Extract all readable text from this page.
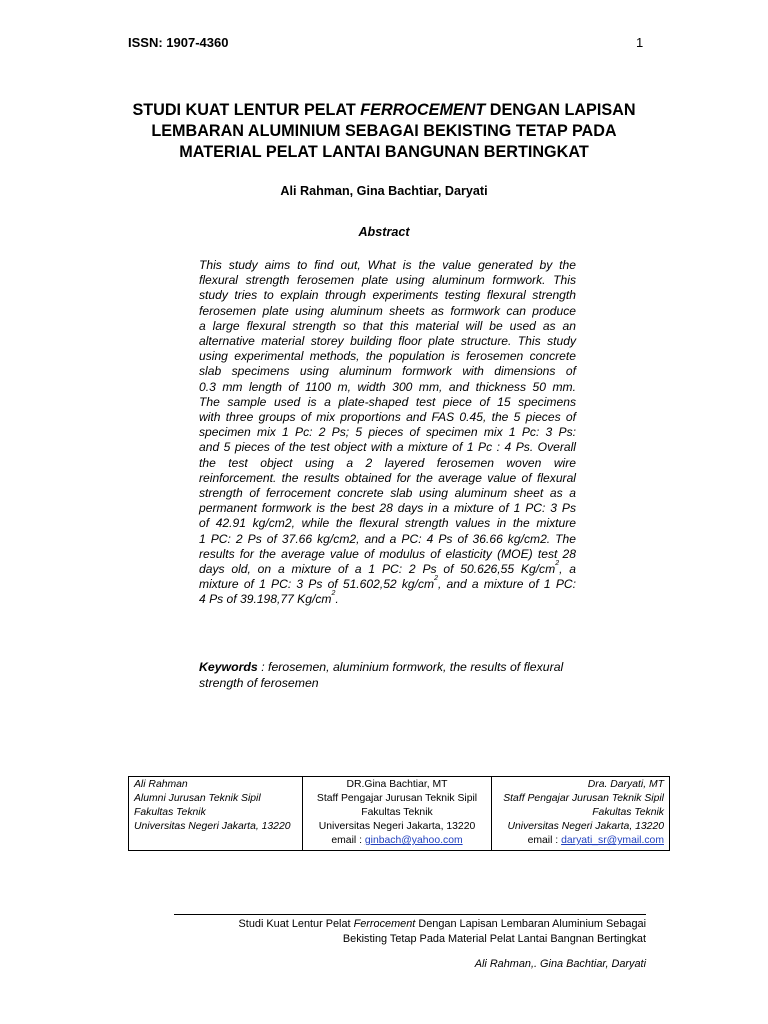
ISSN: 1907-4360	1
STUDI KUAT LENTUR PELAT FERROCEMENT DENGAN LAPISAN
LEMBARAN ALUMINIUM SEBAGAI BEKISTING TETAP PADA
MATERIAL PELAT LANTAI BANGUNAN BERTINGKAT
Ali Rahman, Gina Bachtiar, Daryati
Abstract
This study aims to find out, What is the value generated by the
flexural strength ferosemen plate using aluminum formwork. This
study tries to explain through experiments testing flexural strength
ferosemen plate using aluminum sheets as formwork can produce
a large flexural strength so that this material will be used as an
alternative material storey building floor plate structure. This study
using experimental methods, the population is ferosemen concrete
slab specimens using aluminum formwork with dimensions of
0.3 mm length of 1100 m, width 300 mm, and thickness 50 mm.
The sample used is a plate-shaped test piece of 15 specimens
with three groups of mix proportions and FAS 0.45, the 5 pieces of
specimen mix 1 Pc: 2 Ps; 5 pieces of specimen mix 1 Pc: 3 Ps:
and 5 pieces of the test object with a mixture of 1 Pc : 4 Ps. Overall
the test object using a 2 layered ferosemen woven wire
reinforcement. the results obtained for the average value of flexural
strength of ferrocement concrete slab using aluminum sheet as a
permanent formwork is the best 28 days in a mixture of 1 PC: 3 Ps
of 42.91 kg/cm2, while the flexural strength values in the mixture
1 PC: 2 Ps of 37.66 kg/cm2, and a PC: 4 Ps of 36.66 kg/cm2. The
results for the average value of modulus of elasticity (MOE) test 28
days old, on a mixture of a 1 PC: 2 Ps of 50.626,55 $Kg/cm^2$, a
mixture of 1 PC: 3 Ps of 51.602,52 $kg/cm^2$, and a mixture of 1 PC:
4 Ps of 39.198,77 $Kg/cm^2$.
Keywords : ferosemen, aluminium formwork, the results of flexural
strength of ferosemen
Ali Rahman
Alumni Jurusan Teknik Sipil
Fakultas Teknik
Universitas Negeri Jakarta, 13220

DR.Gina Bachtiar, MT
Staff Pengajar Jurusan Teknik Sipil
Fakultas Teknik
Universitas Negeri Jakarta, 13220
email : ginbach@yahoo.com

Dra. Daryati, MT
Staff Pengajar Jurusan Teknik Sipil
Fakultas Teknik
Universitas Negeri Jakarta, 13220
email : daryati_sr@ymail.com
Studi Kuat Lentur Pelat Ferrocement Dengan Lapisan Lembaran Aluminium Sebagai
Bekisting Tetap Pada Material Pelat Lantai Bangnan Bertingkat
Ali Rahman,. Gina Bachtiar, Daryati
